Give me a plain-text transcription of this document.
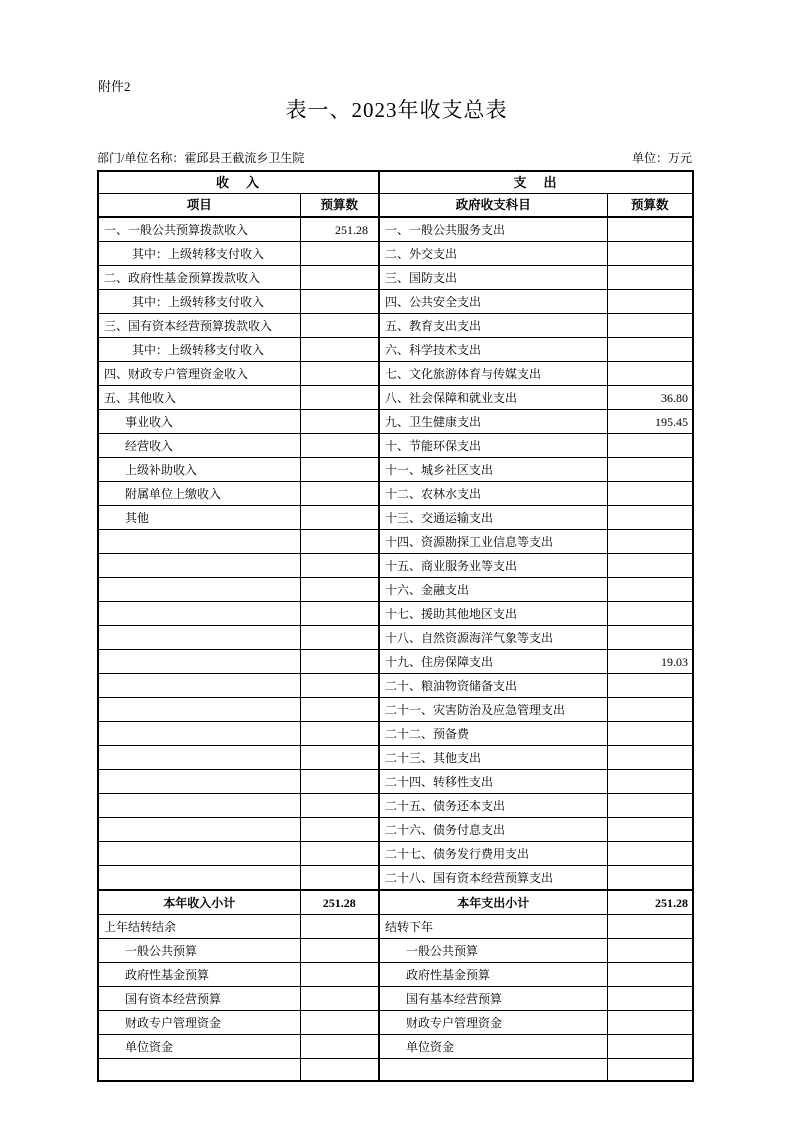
附件2
表一、2023年收支总表
部门/单位名称：霍邱县王截流乡卫生院	单位：万元
收　入		支　出	
项目	预算数	政府收支科目	预算数
一、一般公共预算拨款收入	251.28	一、一般公共服务支出	
其中：上级转移支付收入		二、外交支出	
二、政府性基金预算拨款收入		三、国防支出	
其中：上级转移支付收入		四、公共安全支出	
三、国有资本经营预算拨款收入		五、教育支出支出	
其中：上级转移支付收入		六、科学技术支出	
四、财政专户管理资金收入		七、文化旅游体育与传媒支出	
五、其他收入		八、社会保障和就业支出	36.80
事业收入		九、卫生健康支出	195.45
经营收入		十、节能环保支出	
上级补助收入		十一、城乡社区支出	
附属单位上缴收入		十二、农林水支出	
其他		十三、交通运输支出	
		十四、资源勘探工业信息等支出	
		十五、商业服务业等支出	
		十六、金融支出	
		十七、援助其他地区支出	
		十八、自然资源海洋气象等支出	
		十九、住房保障支出	19.03
		二十、粮油物资储备支出	
		二十一、灾害防治及应急管理支出	
		二十二、预备费	
		二十三、其他支出	
		二十四、转移性支出	
		二十五、债务还本支出	
		二十六、债务付息支出	
		二十七、债务发行费用支出	
		二十八、国有资本经营预算支出	
本年收入小计	251.28	本年支出小计	251.28
上年结转结余		结转下年	
一般公共预算		一般公共预算	
政府性基金预算		政府性基金预算	
国有资本经营预算		国有基本经营预算	
财政专户管理资金		财政专户管理资金	
单位资金		单位资金	
